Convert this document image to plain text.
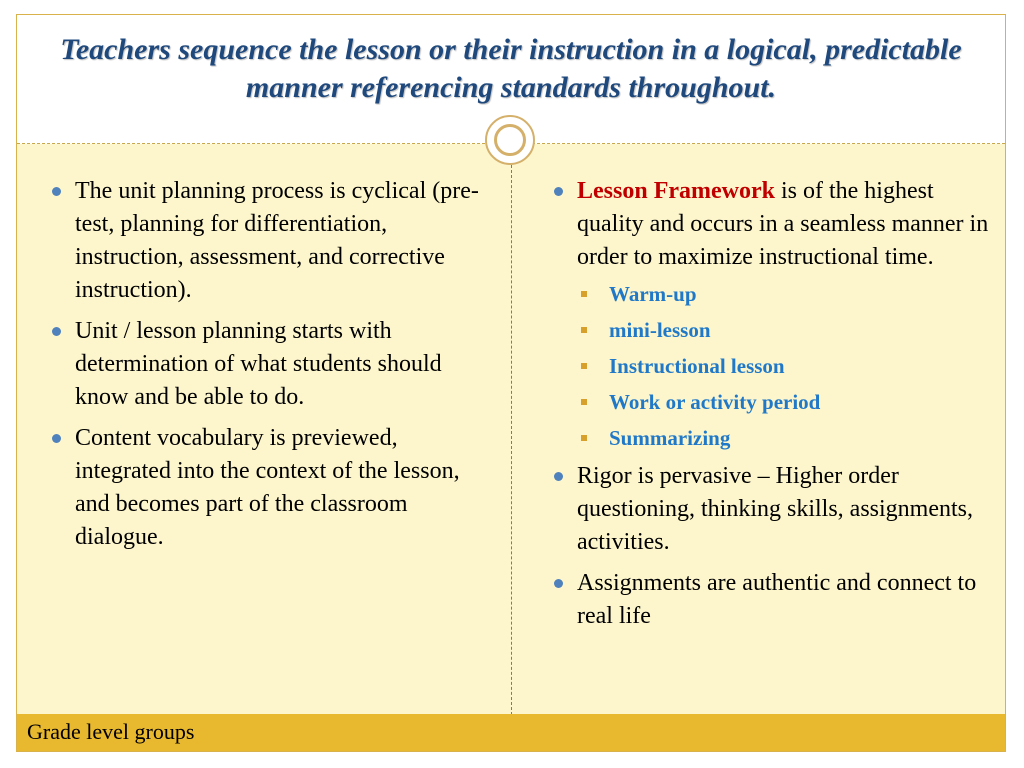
Teachers sequence the lesson or their instruction in a logical, predictable manner referencing standards throughout.
The unit planning process is cyclical (pre-test, planning for differentiation, instruction, assessment, and corrective instruction).
Unit / lesson planning starts with determination of what students should know and be able to do.
Content vocabulary is previewed, integrated into the context of the lesson, and becomes part of the classroom dialogue.
Lesson Framework is of the highest quality and occurs in a seamless manner in order to maximize instructional time.
Warm-up
mini-lesson
Instructional lesson
Work or activity period
Summarizing
Rigor is pervasive – Higher order questioning, thinking skills, assignments, activities.
Assignments are authentic and connect to real life
Grade level groups
